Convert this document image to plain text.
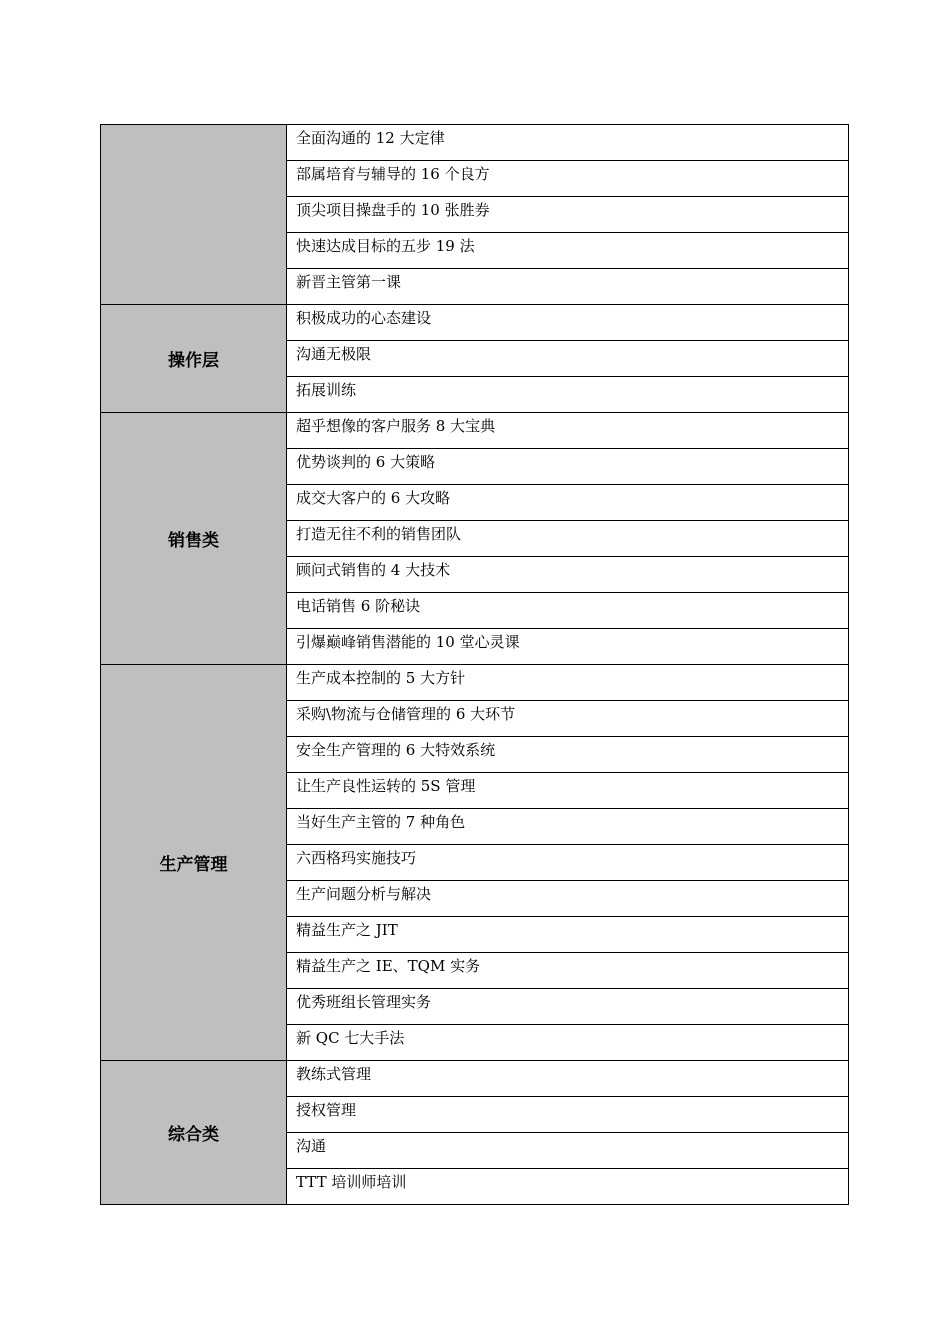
	全面沟通的 12 大定律

	部属培育与辅导的 16 个良方

	顶尖项目操盘手的 10 张胜券

	快速达成目标的五步 19 法

	新晋主管第一课

操作层	积极成功的心态建设

	沟通无极限

	拓展训练

销售类	超乎想像的客户服务 8 大宝典

	优势谈判的 6 大策略

	成交大客户的 6 大攻略

	打造无往不利的销售团队

	顾问式销售的 4 大技术

	电话销售 6 阶秘诀

	引爆巅峰销售潜能的 10 堂心灵课

生产管理	生产成本控制的 5 大方针

	采购\物流与仓储管理的 6 大环节

	安全生产管理的 6 大特效系统

	让生产良性运转的 5S 管理

	当好生产主管的 7 种角色

	六西格玛实施技巧

	生产问题分析与解决

	精益生产之 JIT

	精益生产之 IE、TQM 实务

	优秀班组长管理实务

	新 QC 七大手法

综合类	教练式管理

	授权管理

	沟通

	TTT 培训师培训
